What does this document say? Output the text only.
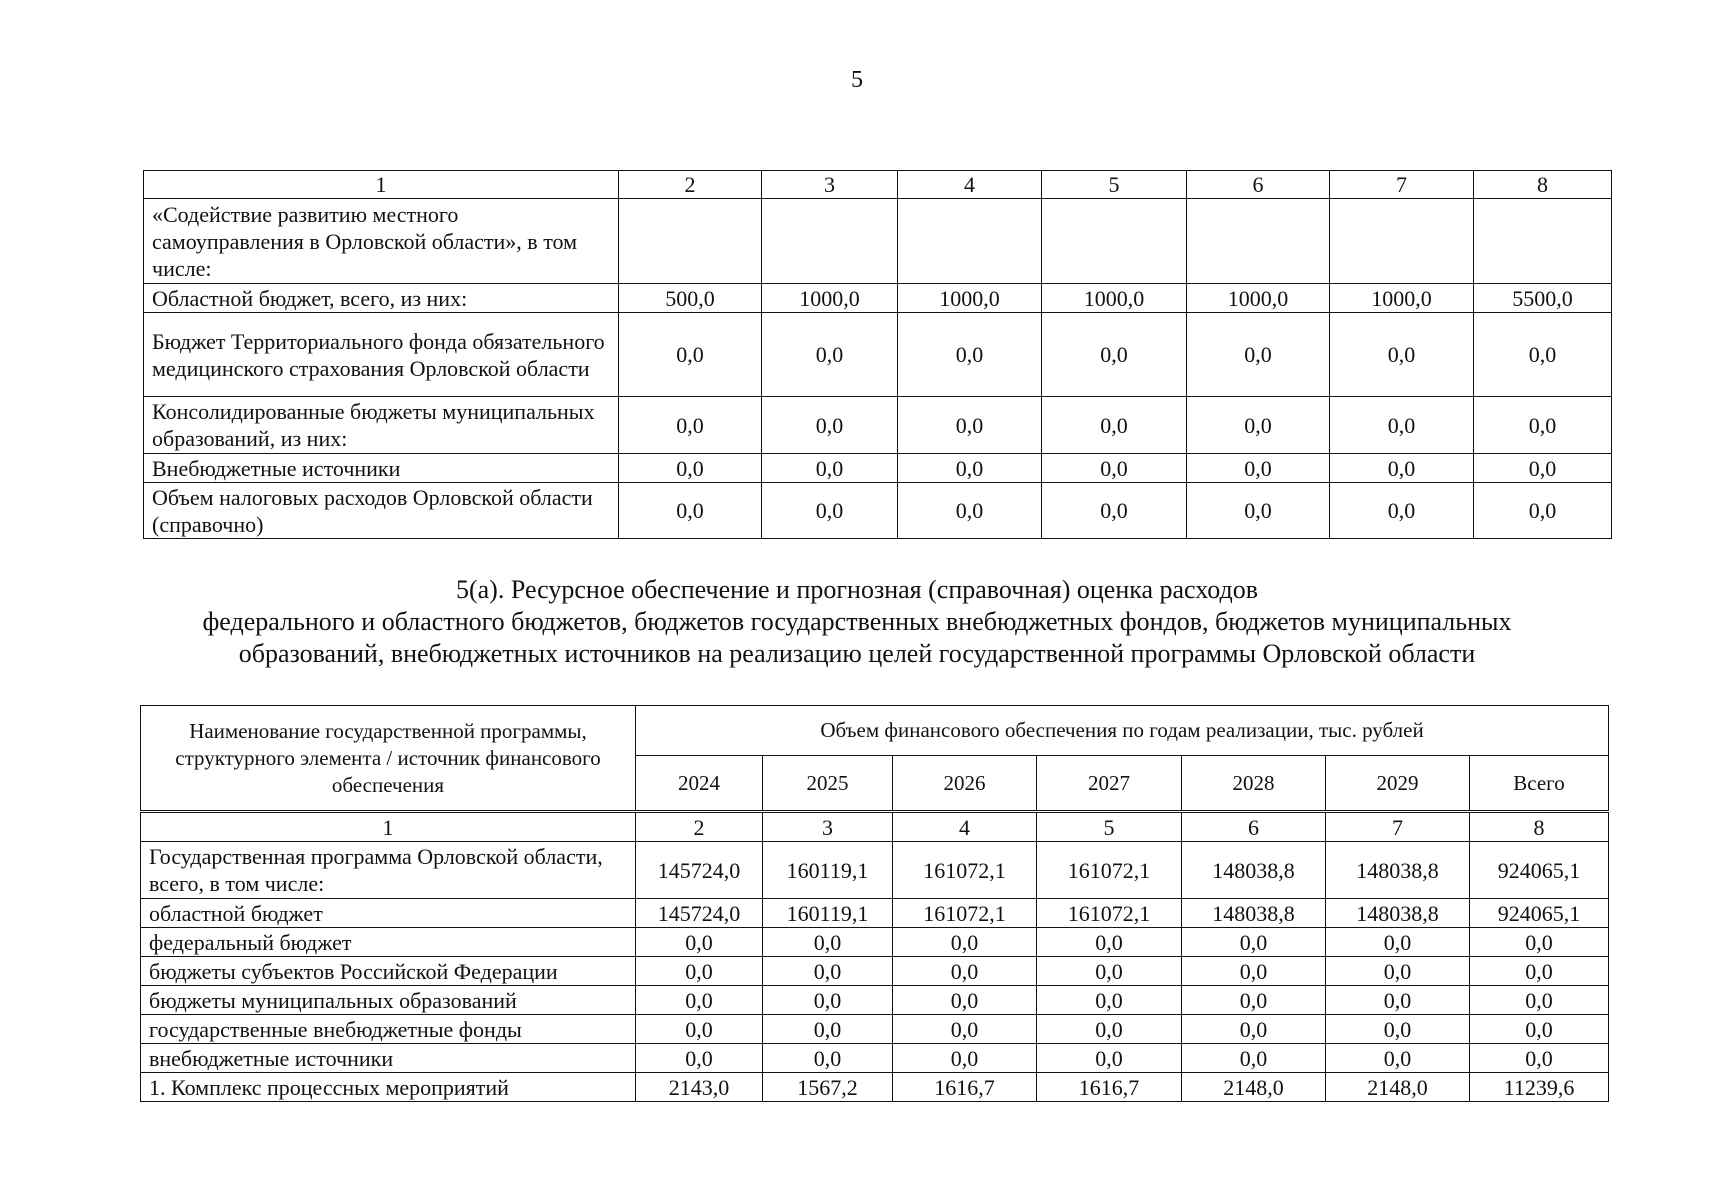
5
1	2	3	4	5	6	7	8
«Содействие развитию местного самоуправления в Орловской области», в том числе:							
Областной бюджет, всего, из них:	500,0	1000,0	1000,0	1000,0	1000,0	1000,0	5500,0
Бюджет Территориального фонда обязательного медицинского страхования Орловской области	0,0	0,0	0,0	0,0	0,0	0,0	0,0
Консолидированные бюджеты муниципальных образований, из них:	0,0	0,0	0,0	0,0	0,0	0,0	0,0
Внебюджетные источники	0,0	0,0	0,0	0,0	0,0	0,0	0,0
Объем налоговых расходов Орловской области (справочно)	0,0	0,0	0,0	0,0	0,0	0,0	0,0
5(а). Ресурсное обеспечение и прогнозная (справочная) оценка расходов
федерального и областного бюджетов, бюджетов государственных внебюджетных фондов, бюджетов муниципальных
образований, внебюджетных источников на реализацию целей государственной программы Орловской области
Наименование государственной программы, структурного элемента / источник финансового обеспечения	Объем финансового обеспечения по годам реализации, тыс. рублей						
	2024	2025	2026	2027	2028	2029	Всего
1	2	3	4	5	6	7	8
Государственная программа Орловской области, всего, в том числе:	145724,0	160119,1	161072,1	161072,1	148038,8	148038,8	924065,1
областной бюджет	145724,0	160119,1	161072,1	161072,1	148038,8	148038,8	924065,1
федеральный бюджет	0,0	0,0	0,0	0,0	0,0	0,0	0,0
бюджеты субъектов Российской Федерации	0,0	0,0	0,0	0,0	0,0	0,0	0,0
бюджеты муниципальных образований	0,0	0,0	0,0	0,0	0,0	0,0	0,0
государственные внебюджетные фонды	0,0	0,0	0,0	0,0	0,0	0,0	0,0
внебюджетные источники	0,0	0,0	0,0	0,0	0,0	0,0	0,0
1. Комплекс процессных мероприятий	2143,0	1567,2	1616,7	1616,7	2148,0	2148,0	11239,6
